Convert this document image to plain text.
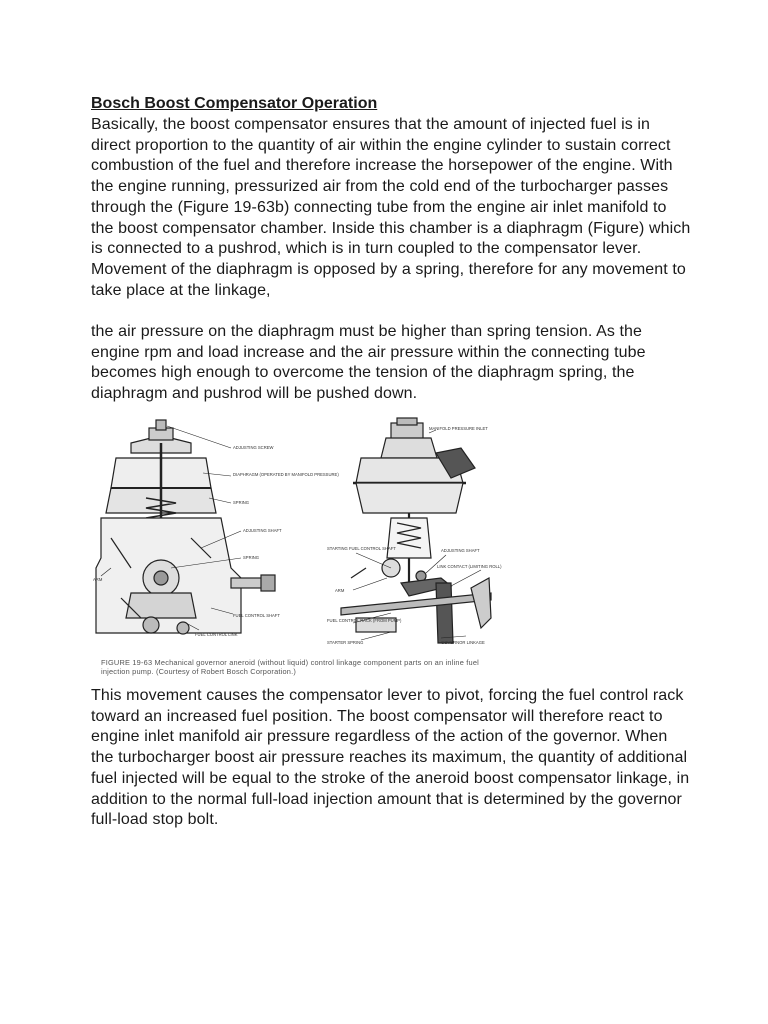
Bosch Boost Compensator Operation

Basically, the boost compensator ensures that the amount of injected fuel is in direct proportion to the quantity of air within the engine cylinder to sustain correct combustion of the fuel and therefore increase the horsepower of the engine. With the engine running, pressurized air from the cold end of the turbocharger passes through the (Figure 19-63b) connecting tube from the engine air inlet manifold to the boost compensator chamber. Inside this chamber is a diaphragm (Figure) which is connected to a pushrod, which is in turn coupled to the compensator lever. Movement of the diaphragm is opposed by a spring, therefore for any movement to take place at the linkage,

the air pressure on the diaphragm must be higher than spring tension. As the engine rpm and load increase and the air pressure within the connecting tube becomes high enough to overcome the tension of the diaphragm spring, the diaphragm and pushrod will be pushed down.

ADJUSTING SCREW
DIAPHRAGM (OPERATED BY MANIFOLD PRESSURE)
SPRING
ADJUSTING SHAFT
ARM
SPRING
FUEL CONTROL LINK
FUEL CONTROL SHAFT
MANIFOLD PRESSURE INLET
STARTING FUEL CONTROL SHAFT	ADJUSTING SHAFT
ARM
LINK CONTACT (LIMITING ROLL)
FUEL CONTROL RACK (FROM PUMP)
STARTER SPRING	GOVERNOR LINKAGE
FIGURE 19-63 Mechanical governor aneroid (without liquid) control linkage component parts on an inline fuel injection pump. (Courtesy of Robert Bosch Corporation.)

This movement causes the compensator lever to pivot, forcing the fuel control rack toward an increased fuel position. The boost compensator will therefore react to engine inlet manifold air pressure regardless of the action of the governor. When the turbocharger boost air pressure reaches its maximum, the quantity of additional fuel injected will be equal to the stroke of the aneroid boost compensator linkage, in addition to the normal full-load injection amount that is determined by the governor full-load stop bolt.
